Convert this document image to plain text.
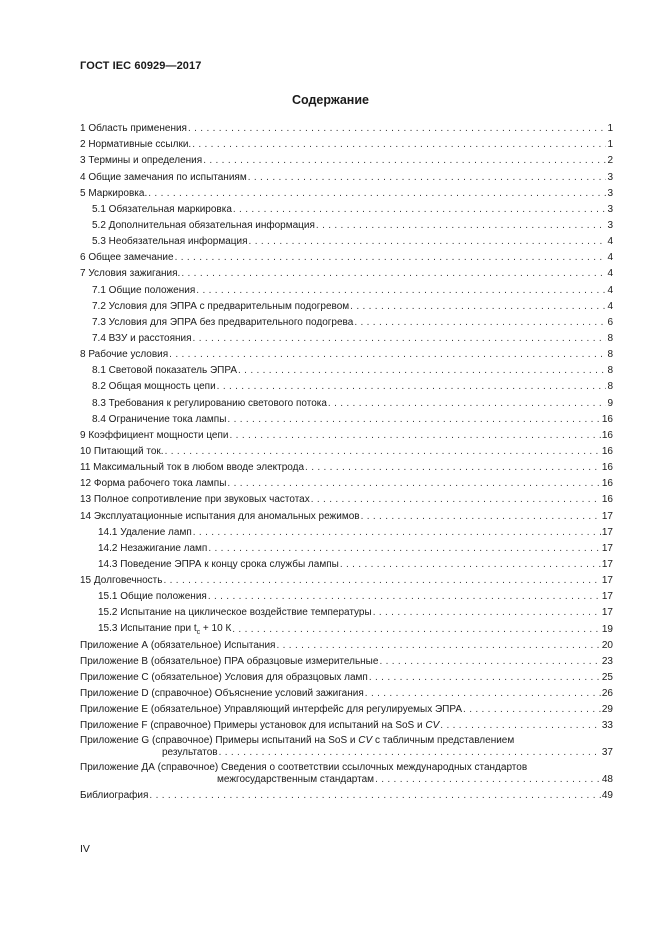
ГОСТ IEC 60929—2017
Содержание
1 Область применения . . .	1
2 Нормативные ссылки. . . .	1
3 Термины и определения . . .	2
4 Общие замечания по испытаниям . . .	3
5 Маркировка. . . .	3
5.1 Обязательная маркировка . . .	3
5.2 Дополнительная обязательная информация . . .	3
5.3 Необязательная информация . . .	4
6 Общее замечание . . .	4
7 Условия зажигания. . . .	4
7.1 Общие положения . . .	4
7.2 Условия для ЭПРА с предварительным подогревом . . .	4
7.3 Условия для ЭПРА без предварительного подогрева . . .	6
7.4 ВЗУ и расстояния . . .	8
8 Рабочие условия . . .	8
8.1 Световой показатель ЭПРА . . .	8
8.2 Общая мощность цепи . . .	8
8.3 Требования к регулированию светового потока . . .	9
8.4 Ограничение тока лампы . . .	16
9 Коэффициент мощности цепи . . .	16
10 Питающий ток. . . .	16
11 Максимальный ток в любом вводе электрода . . .	16
12 Форма рабочего тока лампы . . .	16
13 Полное сопротивление при звуковых частотах . . .	16
14 Эксплуатационные испытания для аномальных режимов . . .	17
14.1 Удаление ламп . . .	17
14.2 Незажигание ламп . . .	17
14.3 Поведение ЭПРА к концу срока службы лампы . . .	17
15 Долговечность . . .	17
15.1 Общие положения . . .	17
15.2 Испытание на циклическое воздействие температуры . . .	17
15.3 Испытание при $t_c + 10$ К . . .	19
Приложение А (обязательное) Испытания . . .	20
Приложение В (обязательное) ПРА образцовые измерительные . . .	23
Приложение С (обязательное) Условия для образцовых ламп . . .	25
Приложение D (справочное) Объяснение условий зажигания . . .	26
Приложение Е (обязательное) Управляющий интерфейс для регулируемых ЭПРА . . .	29
Приложение F (справочное) Примеры установок для испытаний на SoS и CV . . .	33
Приложение G (справочное) Примеры испытаний на SoS и CV с табличным представлением
результатов . . .	37
Приложение ДА (справочное) Сведения о соответствии ссылочных международных стандартов
межгосударственным стандартам . . .	48
Библиография . . .	49
IV
